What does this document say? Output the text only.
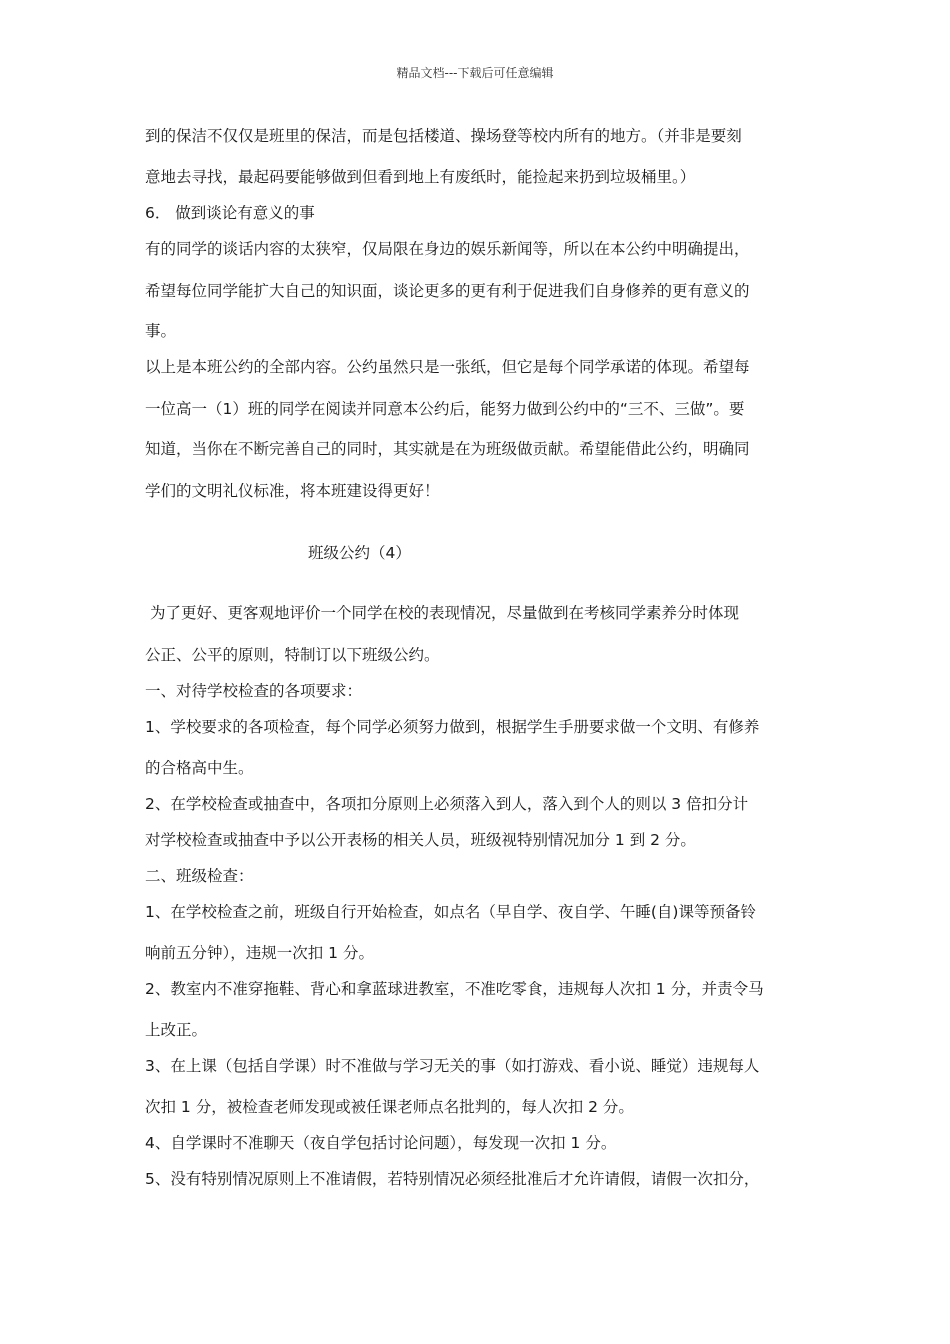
精品文档---下载后可任意编辑
到的保洁不仅仅是班里的保洁，而是包括楼道、操场登等校内所有的地方。（并非是要刻
意地去寻找，最起码要能够做到但看到地上有废纸时，能捡起来扔到垃圾桶里。）
6． 做到谈论有意义的事
有的同学的谈话内容的太狭窄，仅局限在身边的娱乐新闻等，所以在本公约中明确提出，
希望每位同学能扩大自己的知识面，谈论更多的更有利于促进我们自身修养的更有意义的
事。
以上是本班公约的全部内容。公约虽然只是一张纸，但它是每个同学承诺的体现。希望每
一位高一（1）班的同学在阅读并同意本公约后，能努力做到公约中的“三不、三做”。要
知道，当你在不断完善自己的同时，其实就是在为班级做贡献。希望能借此公约，明确同
学们的文明礼仪标准，将本班建设得更好！
班级公约（4）
为了更好、更客观地评价一个同学在校的表现情况，尽量做到在考核同学素养分时体现
公正、公平的原则，特制订以下班级公约。
一、对待学校检查的各项要求：
1、学校要求的各项检查，每个同学必须努力做到，根据学生手册要求做一个文明、有修养
的合格高中生。
2、在学校检查或抽查中，各项扣分原则上必须落入到人，落入到个人的则以 3 倍扣分计
对学校检查或抽查中予以公开表杨的相关人员，班级视特别情况加分 1 到 2 分。
二、班级检查：
1、在学校检查之前，班级自行开始检查，如点名（早自学、夜自学、午睡(自)课等预备铃
响前五分钟），违规一次扣 1 分。
2、教室内不准穿拖鞋、背心和拿蓝球进教室，不准吃零食，违规每人次扣 1 分，并责令马
上改正。
3、在上课（包括自学课）时不准做与学习无关的事（如打游戏、看小说、睡觉）违规每人
次扣 1 分，被检查老师发现或被任课老师点名批判的，每人次扣 2 分。
4、自学课时不准聊天（夜自学包括讨论问题），每发现一次扣 1 分。
5、没有特别情况原则上不准请假，若特别情况必须经批准后才允许请假，请假一次扣分，
